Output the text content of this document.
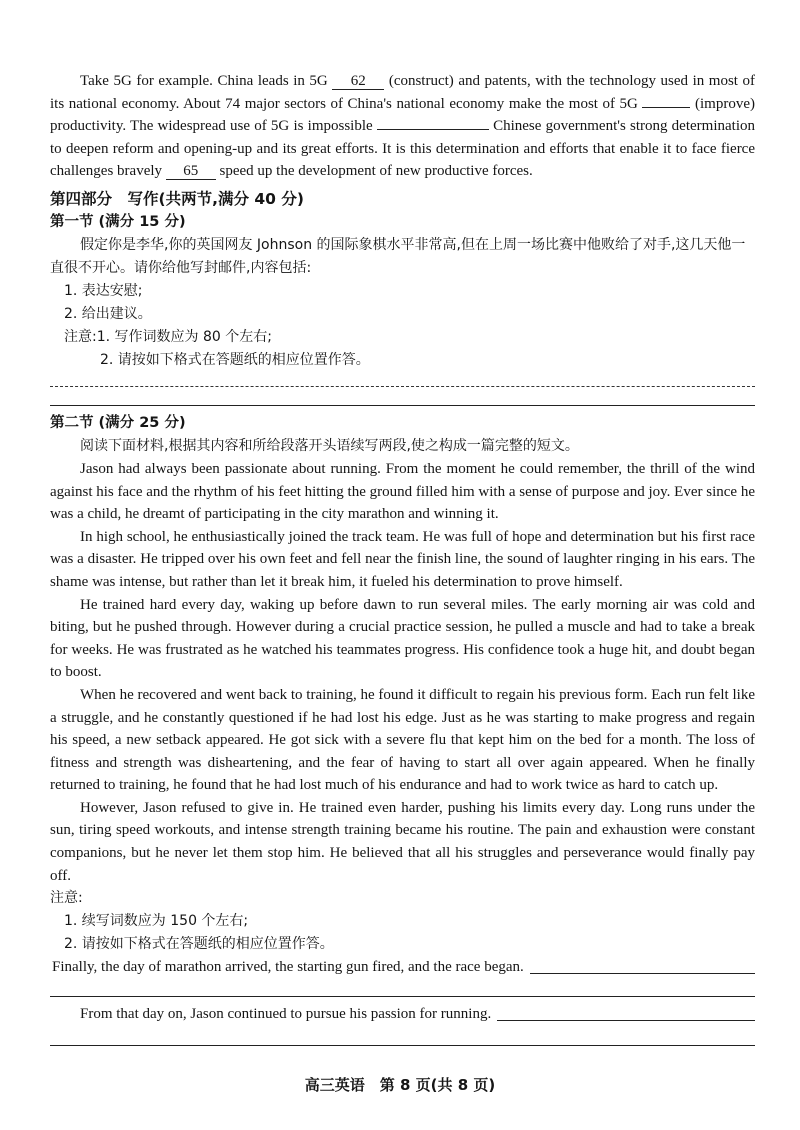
Take 5G for example. China leads in 5G 62 (construct) and patents, with the technology used in most of its national economy. About 74 major sectors of China's national economy make the most of 5G	(improve) productivity. The widespread use of 5G is impossible	Chinese government's strong determination to deepen reform and opening-up and its great efforts. It is this determination and efforts that enable it to face fierce challenges bravely 65 speed up the development of new productive forces.

第四部分　写作(共两节,满分 40 分)

第一节 (满分 15 分)

假定你是李华,你的英国网友 Johnson 的国际象棋水平非常高,但在上周一场比赛中他败给了对手,这几天他一直很不开心。请你给他写封邮件,内容包括:

1. 表达安慰;

2. 给出建议。

注意:1. 写作词数应为 80 个左右;

2. 请按如下格式在答题纸的相应位置作答。

第二节 (满分 25 分)

阅读下面材料,根据其内容和所给段落开头语续写两段,使之构成一篇完整的短文。

Jason had always been passionate about running. From the moment he could remember, the thrill of the wind against his face and the rhythm of his feet hitting the ground filled him with a sense of purpose and joy. Ever since he was a child, he dreamt of participating in the city marathon and winning it.

In high school, he enthusiastically joined the track team. He was full of hope and determination but his first race was a disaster. He tripped over his own feet and fell near the finish line, the sound of laughter ringing in his ears. The shame was intense, but rather than let it break him, it fueled his determination to prove himself.

He trained hard every day, waking up before dawn to run several miles. The early morning air was cold and biting, but he pushed through. However during a crucial practice session, he pulled a muscle and had to take a break for weeks. He was frustrated as he watched his teammates progress. His confidence took a huge hit, and doubt began to boost.

When he recovered and went back to training, he found it difficult to regain his previous form. Each run felt like a struggle, and he constantly questioned if he had lost his edge. Just as he was starting to make progress and regain his speed, a new setback appeared. He got sick with a severe flu that kept him on the bed for a month. The loss of fitness and strength was disheartening, and the fear of having to start all over again appeared. When he finally returned to training, he found that he had lost much of his endurance and had to work twice as hard to catch up.

However, Jason refused to give in. He trained even harder, pushing his limits every day. Long runs under the sun, tiring speed workouts, and intense strength training became his routine. The pain and exhaustion were constant companions, but he never let them stop him. He believed that all his struggles and perseverance would finally pay off.

注意:

1. 续写词数应为 150 个左右;

2. 请按如下格式在答题纸的相应位置作答。

Finally, the day of marathon arrived, the starting gun fired, and the race began.
From that day on, Jason continued to pursue his passion for running.
高三英语　第 8 页(共 8 页)
